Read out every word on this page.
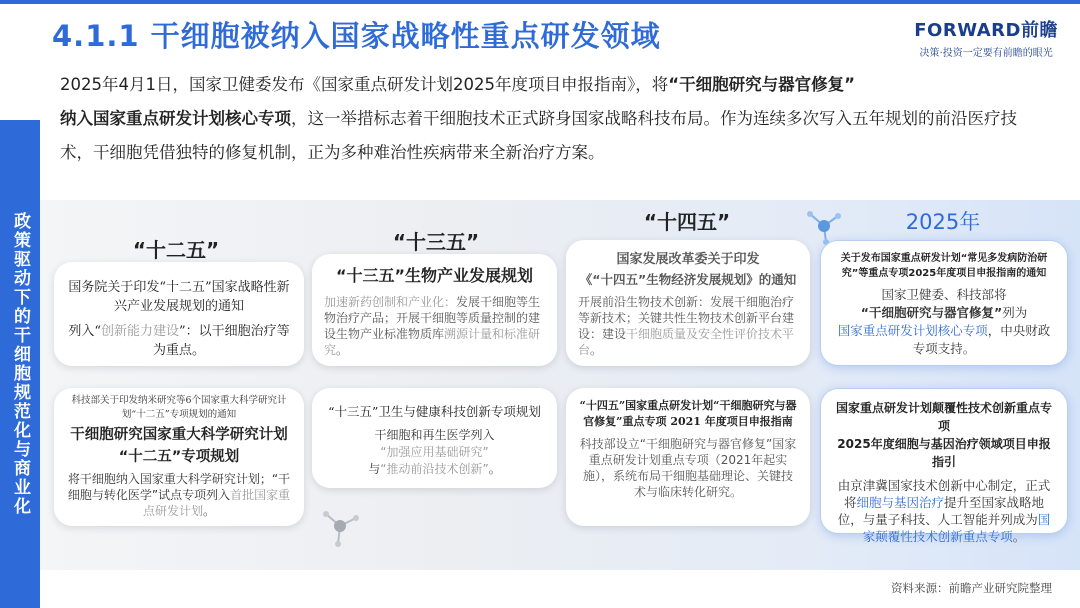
4.1.1 干细胞被纳入国家战略性重点研发领域	FORWARD前瞻
决策·投资一定要有前瞻的眼光
2025年4月1日，国家卫健委发布《国家重点研发计划2025年度项目申报指南》，将“干细胞研究与器官修复”
纳入国家重点研发计划核心专项，这一举措标志着干细胞技术正式跻身国家战略科技布局。作为连续多次写入五年规划的前沿医疗技术，干细胞凭借独特的修复机制，正为多种难治性疾病带来全新治疗方案。
政策驱动下的干细胞规范化与商业化	“十二五”	“十三五”
“十四五”	2025年
国务院关于印发“十二五”国家战略性新兴产业发展规划的通知
列入“创新能力建设”：以干细胞治疗等为重点。
科技部关于印发纳米研究等6个国家重大科学研究计划“十二五”专项规划的通知
干细胞研究国家重大科学研究计划
“十二五”专项规划
将干细胞纳入国家重大科学研究计划；“干细胞与转化医学”试点专项列入首批国家重点研发计划。
“十三五”生物产业发展规划
加速新药创制和产业化：发展干细胞等生物治疗产品；开展干细胞等质量控制的建设生物产业标准物质库溯源计量和标准研究。
“十三五”卫生与健康科技创新专项规划
干细胞和再生医学列入
“加强应用基础研究”
与“推动前沿技术创新”。
国家发展改革委关于印发
《“十四五”生物经济发展规划》的通知
开展前沿生物技术创新：发展干细胞治疗等新技术；关键共性生物技术创新平台建设：建设干细胞质量及安全性评价技术平台。
“十四五”国家重点研发计划“干细胞研究与器官修复”重点专项 2021 年度项目申报指南
科技部设立“干细胞研究与器官修复”国家重点研发计划重点专项（2021年起实施），系统布局干细胞基础理论、关键技术与临床转化研究。
关于发布国家重点研发计划“常见多发病防治研究”等重点专项2025年度项目申报指南的通知
国家卫健委、科技部将
“干细胞研究与器官修复”列为
国家重点研发计划核心专项，中央财政专项支持。
国家重点研发计划颠覆性技术创新重点专项
2025年度细胞与基因治疗领域项目申报指引
由京津冀国家技术创新中心制定，正式将细胞与基因治疗提升至国家战略地位，与量子科技、人工智能并列成为国家颠覆性技术创新重点专项。
资料来源：前瞻产业研究院整理
